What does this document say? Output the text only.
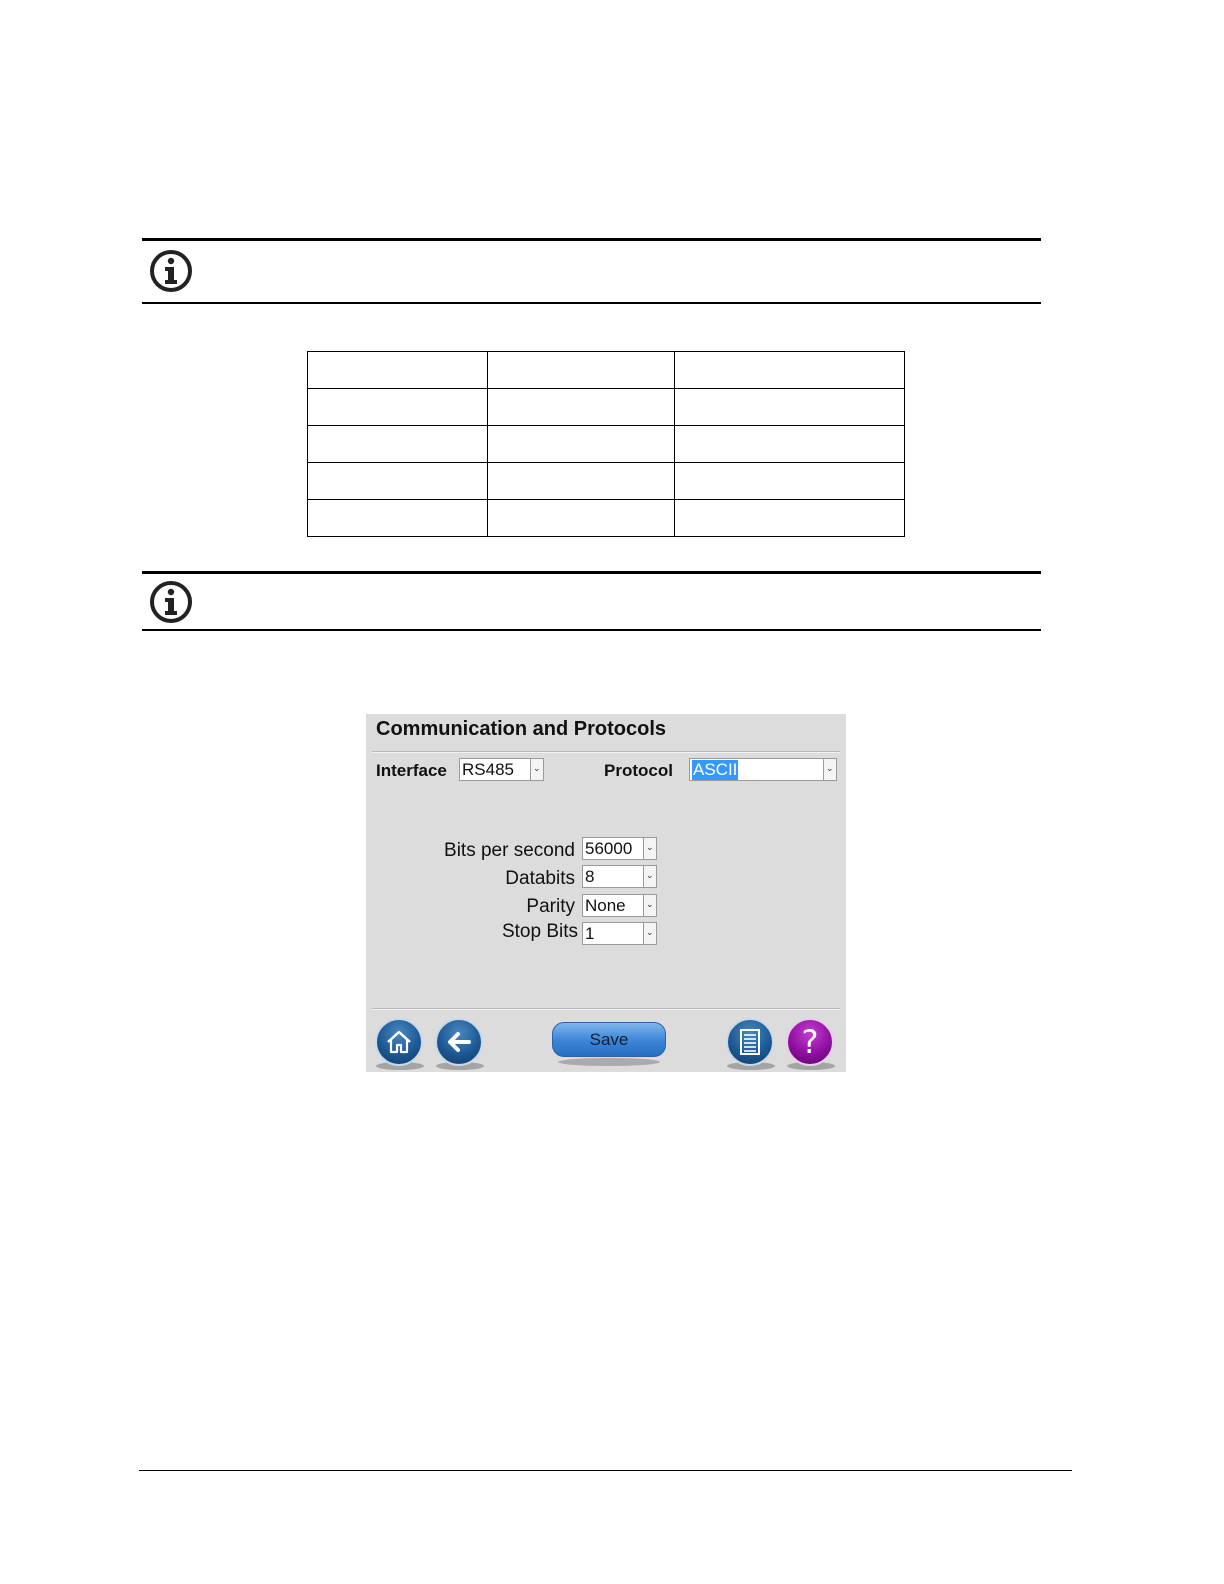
Communication and Protocols
Interface RS485 ⌄	Protocol ASCII	⌄
Bits per second 56000 ⌄
Databits 8	⌄
Parity None ⌄
Stop Bits 1	⌄
Save	?
